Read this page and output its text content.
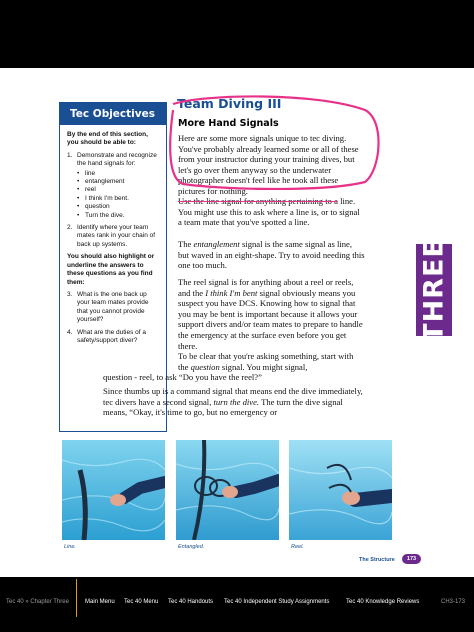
Tec Objectives

By the end of this section, you should be able to:

1. Demonstrate and recognize the hand signals for:
• line
• entanglement
• reel
• I think I'm bent.
• question
• Turn the dive.
2. Identify where your team mates rank in your chain of back up systems.

You should also highlight or underline the answers to these questions as you find them:

3. What is the one back up your team mates provide that you cannot provide yourself?
4. What are the duties of a safety/support diver?
Team Diving III
More Hand Signals
Here are some more signals unique to tec diving. You've probably already learned some or all of these from your instructor during your training dives, but let's go over them anyway so the underwater photographer doesn't feel like he took all these pictures for nothing.
Use the line signal for anything pertaining to a line. You might use this to ask where a line is, or to signal a team mate that you've spotted a line.
The entanglement signal is the same signal as line, but waved in an eight-shape. Try to avoid needing this one too much.
The reel signal is for anything about a reel or reels, and the I think I'm bent signal obviously means you suspect you have DCS. Knowing how to signal that you may be bent is important because it allows your support divers and/or team mates to prepare to handle the emergency at the surface even before you get there.
To be clear that you're asking something, start with the question signal. You might signal,
question - reel, to ask “Do you have the reel?”
Since thumbs up is a command signal that means end the dive immediately, tec divers have a second signal, turn the dive. The turn the dive signal means, “Okay, it's time to go, but no emergency or
THREE
Line.	Entangled.	Reel.
The Structure	173
Tec 40 » Chapter Three	Main Menu Tec 40 Menu Tec 40 Handouts Tec 40 Independent Study Assignments	Tec 40 Knowledge Reviews	CH3-173
